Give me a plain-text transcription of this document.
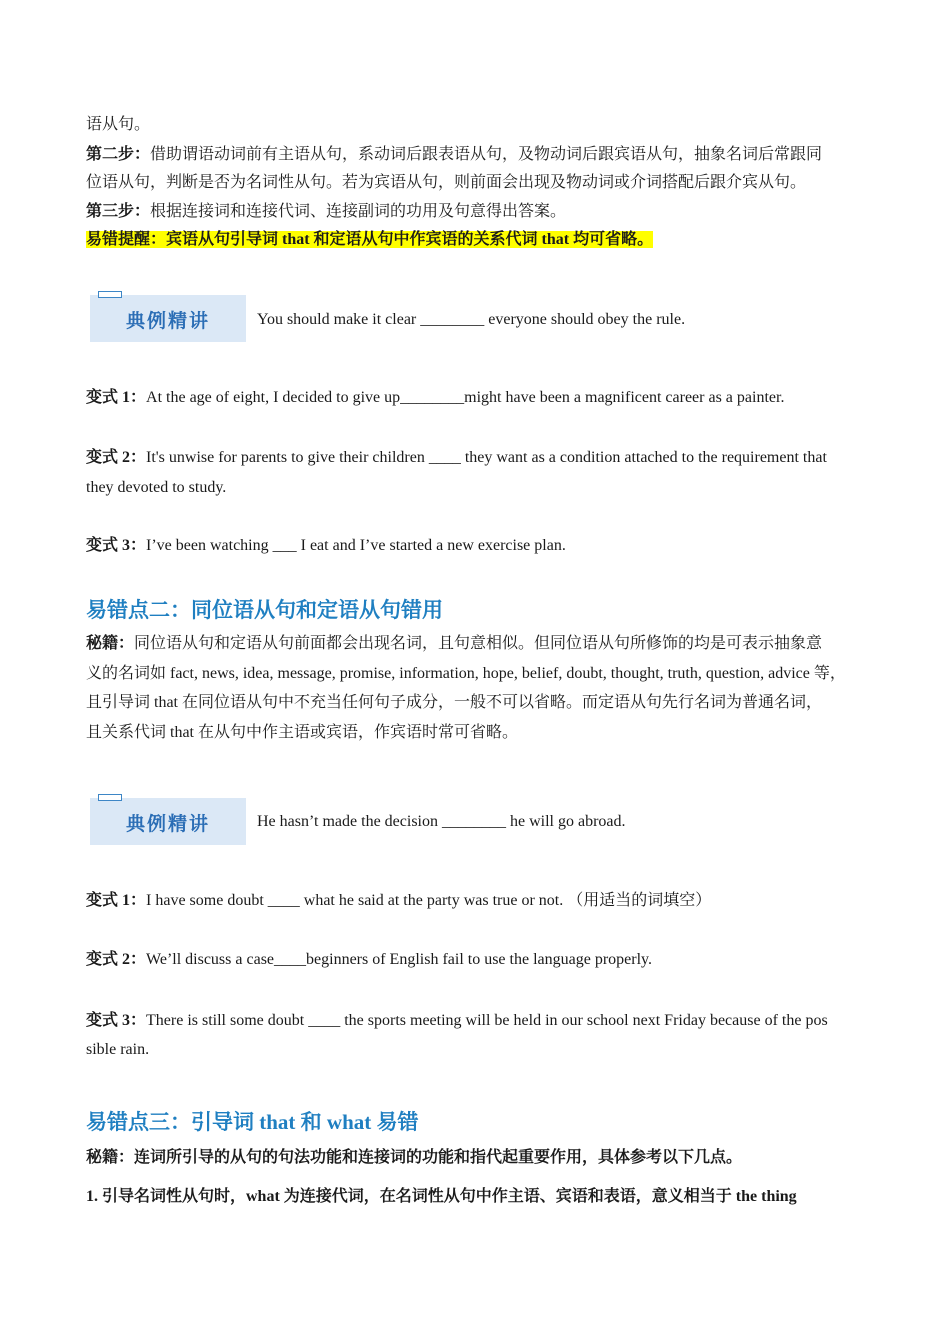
语从句。
第二步：借助谓语动词前有主语从句，系动词后跟表语从句，及物动词后跟宾语从句，抽象名词后常跟同
位语从句，判断是否为名词性从句。若为宾语从句，则前面会出现及物动词或介词搭配后跟介宾从句。
第三步：根据连接词和连接代词、连接副词的功用及句意得出答案。
易错提醒：宾语从句引导词 that 和定语从句中作宾语的关系代词 that 均可省略。
典例精讲	You should make it clear ________ everyone should obey the rule.
变式 1：At the age of eight, I decided to give up________might have been a magnificent career as a painter.
变式 2：It's unwise for parents to give their children ____ they want as a condition attached to the requirement that
they devoted to study.
变式 3：I’ve been watching ___ I eat and I’ve started a new exercise plan.
易错点二：同位语从句和定语从句错用
秘籍：同位语从句和定语从句前面都会出现名词，且句意相似。但同位语从句所修饰的均是可表示抽象意
义的名词如 fact, news, idea, message, promise, information, hope, belief, doubt, thought, truth, question, advice 等，
且引导词 that 在同位语从句中不充当任何句子成分，一般不可以省略。而定语从句先行名词为普通名词，
且关系代词 that 在从句中作主语或宾语，作宾语时常可省略。
典例精讲	He hasn’t made the decision ________ he will go abroad.
变式 1：I have some doubt ____ what he said at the party was true or not. （用适当的词填空）
变式 2：We’ll discuss a case____beginners of English fail to use the language properly.
变式 3：There is still some doubt ____ the sports meeting will be held in our school next Friday because of the pos
sible rain.
易错点三：引导词 that 和 what 易错
秘籍：连词所引导的从句的句法功能和连接词的功能和指代起重要作用，具体参考以下几点。
1. 引导名词性从句时，what 为连接代词，在名词性从句中作主语、宾语和表语，意义相当于 the thing
